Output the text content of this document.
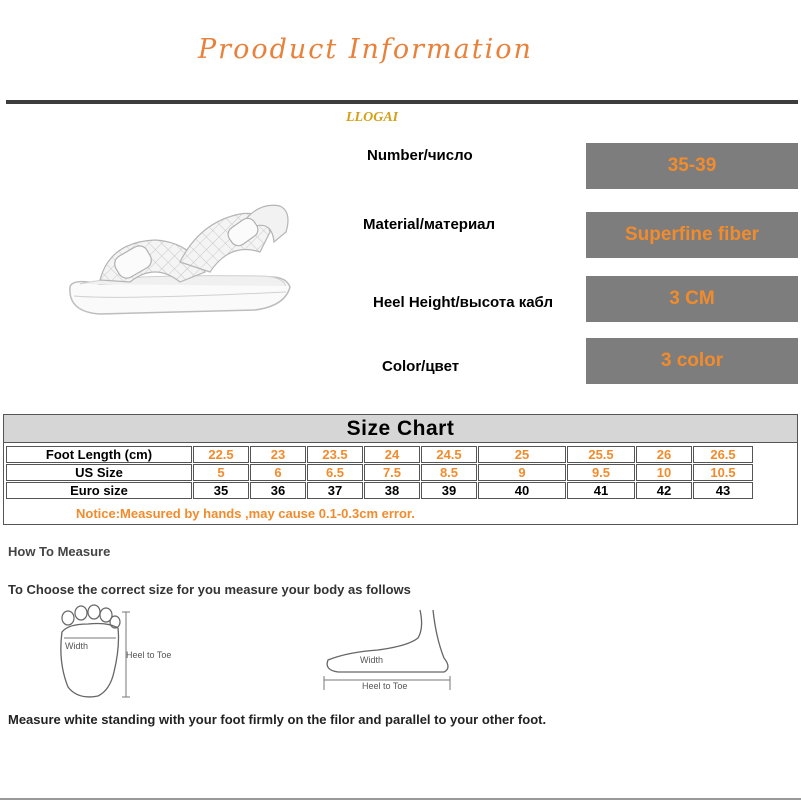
Prooduct Information
LLOGAI
Number/число	35-39
Material/материал	Superfine fiber
Heel Height/высота кабл	3 CM
Color/цвет	3 color
Size Chart
Foot Length (cm)	22.5	23	23.5	24	24.5	25	25.5	26	26.5
US Size	5	6	6.5	7.5	8.5	9	9.5	10	10.5
Euro size	35	36	37	38	39	40	41	42	43
Notice:Measured by hands ,may cause 0.1-0.3cm error.
How To Measure
To Choose the correct size for you measure your body as follows
Width
Heel to Toe	Width
Heel to Toe
Measure white standing with your foot firmly on the filor and parallel to your other foot.
